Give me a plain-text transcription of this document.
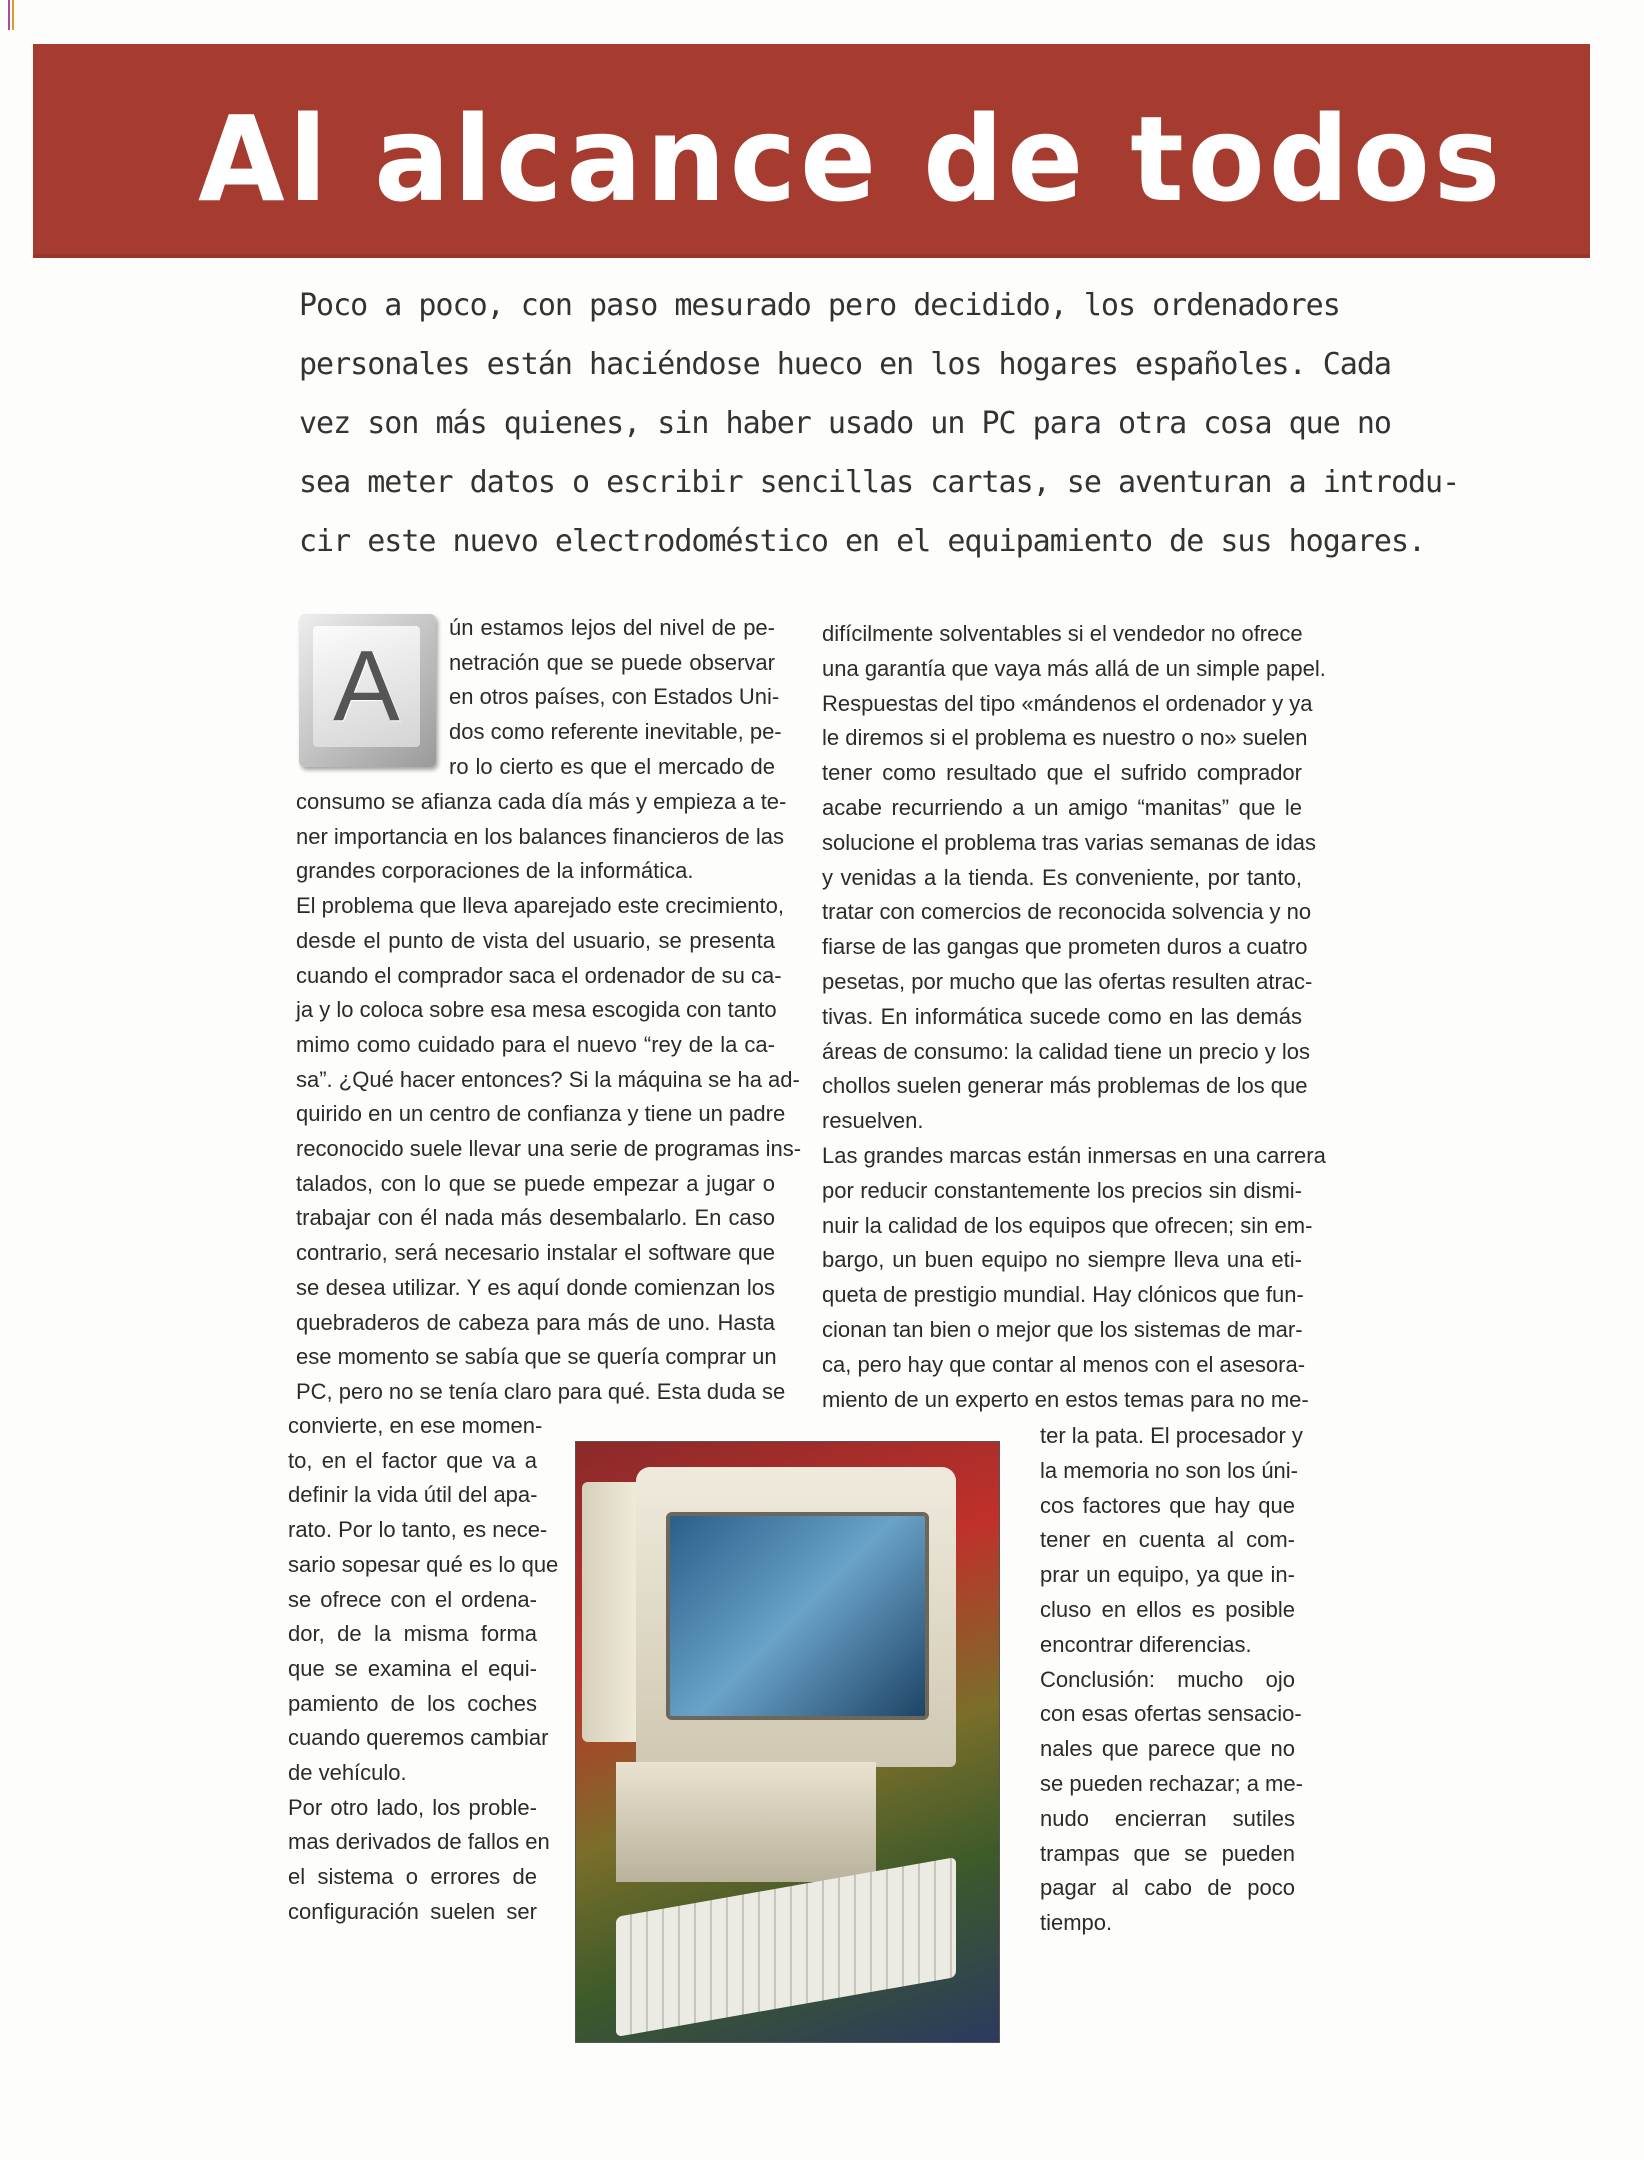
Al alcance de todos
Poco a poco, con paso mesurado pero decidido, los ordenadores
personales están haciéndose hueco en los hogares españoles. Cada
vez son más quienes, sin haber usado un PC para otra cosa que no
sea meter datos o escribir sencillas cartas, se aventuran a introdu-
cir este nuevo electrodoméstico en el equipamiento de sus hogares.
A
ún estamos lejos del nivel de pe-
netración que se puede observar
en otros países, con Estados Uni-
dos como referente inevitable, pe-
ro lo cierto es que el mercado de
consumo se afianza cada día más y empieza a te-
ner importancia en los balances financieros de las
grandes corporaciones de la informática.
El problema que lleva aparejado este crecimiento,
desde el punto de vista del usuario, se presenta
cuando el comprador saca el ordenador de su ca-
ja y lo coloca sobre esa mesa escogida con tanto
mimo como cuidado para el nuevo “rey de la ca-
sa”. ¿Qué hacer entonces? Si la máquina se ha ad-
quirido en un centro de confianza y tiene un padre
reconocido suele llevar una serie de programas ins-
talados, con lo que se puede empezar a jugar o
trabajar con él nada más desembalarlo. En caso
contrario, será necesario instalar el software que
se desea utilizar. Y es aquí donde comienzan los
quebraderos de cabeza para más de uno. Hasta
ese momento se sabía que se quería comprar un
PC, pero no se tenía claro para qué. Esta duda se
convierte, en ese momen-
to, en el factor que va a
definir la vida útil del apa-
rato. Por lo tanto, es nece-
sario sopesar qué es lo que
se ofrece con el ordena-
dor, de la misma forma
que se examina el equi-
pamiento de los coches
cuando queremos cambiar
de vehículo.
Por otro lado, los proble-
mas derivados de fallos en
el sistema o errores de
configuración suelen ser
difícilmente solventables si el vendedor no ofrece
una garantía que vaya más allá de un simple papel.
Respuestas del tipo «mándenos el ordenador y ya
le diremos si el problema es nuestro o no» suelen
tener como resultado que el sufrido comprador
acabe recurriendo a un amigo “manitas” que le
solucione el problema tras varias semanas de idas
y venidas a la tienda. Es conveniente, por tanto,
tratar con comercios de reconocida solvencia y no
fiarse de las gangas que prometen duros a cuatro
pesetas, por mucho que las ofertas resulten atrac-
tivas. En informática sucede como en las demás
áreas de consumo: la calidad tiene un precio y los
chollos suelen generar más problemas de los que
resuelven.
Las grandes marcas están inmersas en una carrera
por reducir constantemente los precios sin dismi-
nuir la calidad de los equipos que ofrecen; sin em-
bargo, un buen equipo no siempre lleva una eti-
queta de prestigio mundial. Hay clónicos que fun-
cionan tan bien o mejor que los sistemas de mar-
ca, pero hay que contar al menos con el asesora-
miento de un experto en estos temas para no me-
ter la pata. El procesador y
la memoria no son los úni-
cos factores que hay que
tener en cuenta al com-
prar un equipo, ya que in-
cluso en ellos es posible
encontrar diferencias.
Conclusión: mucho ojo
con esas ofertas sensacio-
nales que parece que no
se pueden rechazar; a me-
nudo encierran sutiles
trampas que se pueden
pagar al cabo de poco
tiempo.
